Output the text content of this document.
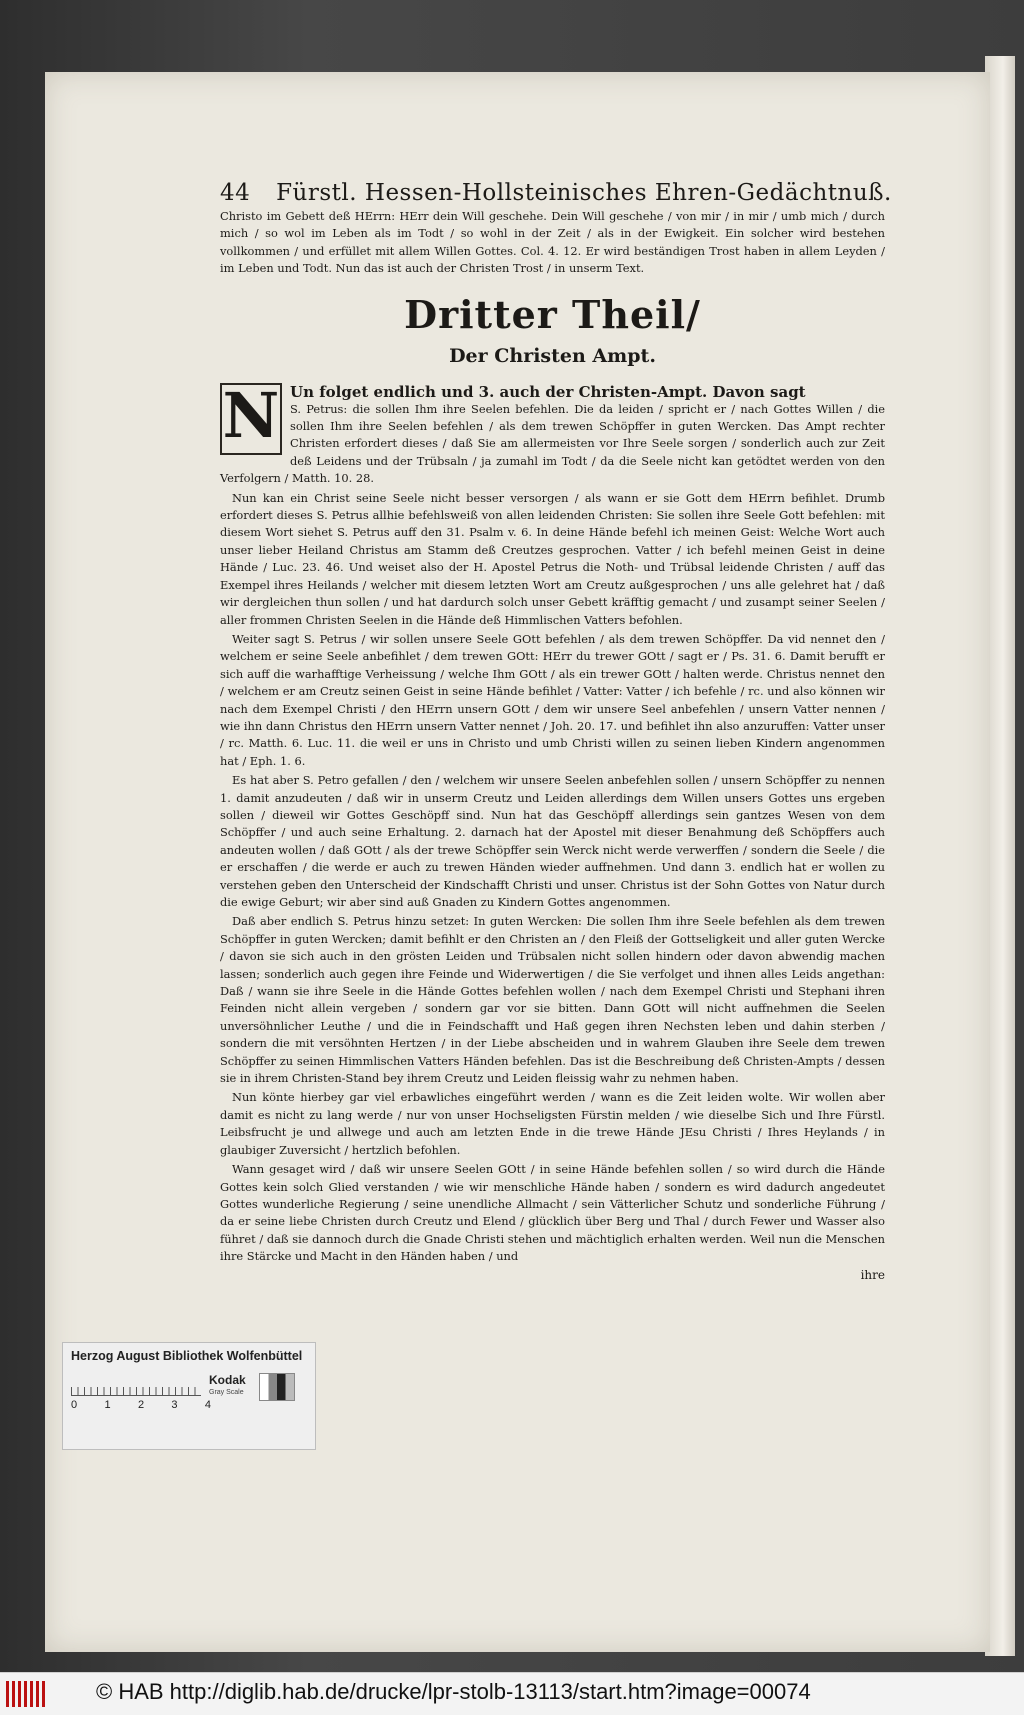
44 Fürstl. Hessen-Hollsteinisches Ehren-Gedächtnuß.

Christo im Gebett deß HErrn: HErr dein Will geschehe. Dein Will geschehe / von mir / in mir / umb mich / durch mich / so wol im Leben als im Todt / so wohl in der Zeit / als in der Ewigkeit. Ein solcher wird bestehen vollkommen / und erfüllet mit allem Willen Gottes. Col. 4. 12. Er wird beständigen Trost haben in allem Leyden / im Leben und Todt. Nun das ist auch der Christen Trost / in unserm Text.

Dritter Theil/
Der Christen Ampt.
N Un folget endlich und 3. auch der Christen-Ampt. Davon sagt

S. Petrus: die sollen Ihm ihre Seelen befehlen. Die da leiden / spricht er / nach Gottes Willen / die sollen Ihm ihre Seelen befehlen / als dem trewen Schöpffer in guten Wercken. Das Ampt rechter Christen erfordert dieses / daß Sie am allermeisten vor Ihre Seele sorgen / sonderlich auch zur Zeit deß Leidens und der Trübsaln / ja zumahl im Todt / da die Seele nicht kan getödtet werden von den Verfolgern / Matth. 10. 28.

Nun kan ein Christ seine Seele nicht besser versorgen / als wann er sie Gott dem HErrn befihlet. Drumb erfordert dieses S. Petrus allhie befehlsweiß von allen leidenden Christen: Sie sollen ihre Seele Gott befehlen: mit diesem Wort siehet S. Petrus auff den 31. Psalm v. 6. In deine Hände befehl ich meinen Geist: Welche Wort auch unser lieber Heiland Christus am Stamm deß Creutzes gesprochen. Vatter / ich befehl meinen Geist in deine Hände / Luc. 23. 46. Und weiset also der H. Apostel Petrus die Noth- und Trübsal leidende Christen / auff das Exempel ihres Heilands / welcher mit diesem letzten Wort am Creutz außgesprochen / uns alle gelehret hat / daß wir dergleichen thun sollen / und hat dardurch solch unser Gebett kräfftig gemacht / und zusampt seiner Seelen / aller frommen Christen Seelen in die Hände deß Himmlischen Vatters befohlen.

Weiter sagt S. Petrus / wir sollen unsere Seele GOtt befehlen / als dem trewen Schöpffer. Da vid nennet den / welchem er seine Seele anbefihlet / dem trewen GOtt: HErr du trewer GOtt / sagt er / Ps. 31. 6. Damit berufft er sich auff die warhafftige Verheissung / welche Ihm GOtt / als ein trewer GOtt / halten werde. Christus nennet den / welchem er am Creutz seinen Geist in seine Hände befihlet / Vatter: Vatter / ich befehle / rc. und also können wir nach dem Exempel Christi / den HErrn unsern GOtt / dem wir unsere Seel anbefehlen / unsern Vatter nennen / wie ihn dann Christus den HErrn unsern Vatter nennet / Joh. 20. 17. und befihlet ihn also anzuruffen: Vatter unser / rc. Matth. 6. Luc. 11. die weil er uns in Christo und umb Christi willen zu seinen lieben Kindern angenommen hat / Eph. 1. 6.

Es hat aber S. Petro gefallen / den / welchem wir unsere Seelen anbefehlen sollen / unsern Schöpffer zu nennen 1. damit anzudeuten / daß wir in unserm Creutz und Leiden allerdings dem Willen unsers Gottes uns ergeben sollen / dieweil wir Gottes Geschöpff sind. Nun hat das Geschöpff allerdings sein gantzes Wesen von dem Schöpffer / und auch seine Erhaltung. 2. darnach hat der Apostel mit dieser Benahmung deß Schöpffers auch andeuten wollen / daß GOtt / als der trewe Schöpffer sein Werck nicht werde verwerffen / sondern die Seele / die er erschaffen / die werde er auch zu trewen Händen wieder auffnehmen. Und dann 3. endlich hat er wollen zu verstehen geben den Unterscheid der Kindschafft Christi und unser. Christus ist der Sohn Gottes von Natur durch die ewige Geburt; wir aber sind auß Gnaden zu Kindern Gottes angenommen.

Daß aber endlich S. Petrus hinzu setzet: In guten Wercken: Die sollen Ihm ihre Seele befehlen als dem trewen Schöpffer in guten Wercken; damit befihlt er den Christen an / den Fleiß der Gottseligkeit und aller guten Wercke / davon sie sich auch in den grösten Leiden und Trübsalen nicht sollen hindern oder davon abwendig machen lassen; sonderlich auch gegen ihre Feinde und Widerwertigen / die Sie verfolget und ihnen alles Leids angethan: Daß / wann sie ihre Seele in die Hände Gottes befehlen wollen / nach dem Exempel Christi und Stephani ihren Feinden nicht allein vergeben / sondern gar vor sie bitten. Dann GOtt will nicht auffnehmen die Seelen unversöhnlicher Leuthe / und die in Feindschafft und Haß gegen ihren Nechsten leben und dahin sterben / sondern die mit versöhnten Hertzen / in der Liebe abscheiden und in wahrem Glauben ihre Seele dem trewen Schöpffer zu seinen Himmlischen Vatters Händen befehlen. Das ist die Beschreibung deß Christen-Ampts / dessen sie in ihrem Christen-Stand bey ihrem Creutz und Leiden fleissig wahr zu nehmen haben.

Nun könte hierbey gar viel erbawliches eingeführt werden / wann es die Zeit leiden wolte. Wir wollen aber damit es nicht zu lang werde / nur von unser Hochseligsten Fürstin melden / wie dieselbe Sich und Ihre Fürstl. Leibsfrucht je und allwege und auch am letzten Ende in die trewe Hände JEsu Christi / Ihres Heylands / in glaubiger Zuversicht / hertzlich befohlen.

Wann gesaget wird / daß wir unsere Seelen GOtt / in seine Hände befehlen sollen / so wird durch die Hände Gottes kein solch Glied verstanden / wie wir menschliche Hände haben / sondern es wird dadurch angedeutet Gottes wunderliche Regierung / seine unendliche Allmacht / sein Vätterlicher Schutz und sonderliche Führung / da er seine liebe Christen durch Creutz und Elend / glücklich über Berg und Thal / durch Fewer und Wasser also führet / daß sie dannoch durch die Gnade Christi stehen und mächtiglich erhalten werden. Weil nun die Menschen ihre Stärcke und Macht in den Händen haben / und

ihre
Herzog August Bibliothek Wolfenbüttel
0 1 2 3 4
Kodak
Gray Scale
© HAB http://diglib.hab.de/drucke/lpr-stolb-13113/start.htm?image=00074
